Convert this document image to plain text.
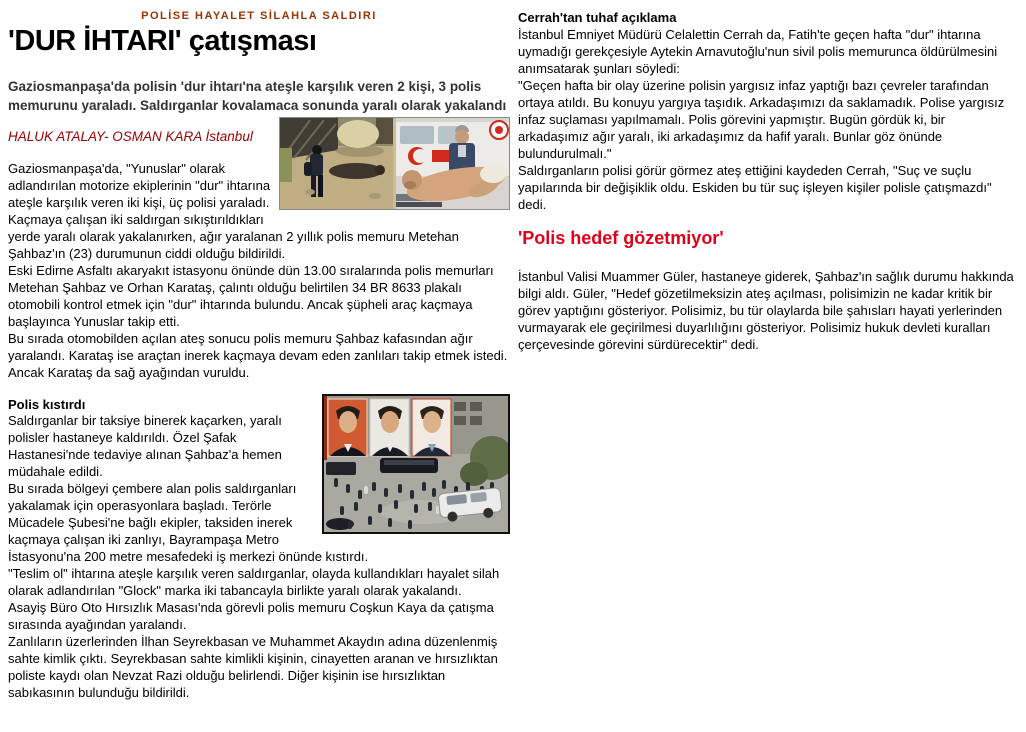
POLİSE HAYALET SİLAHLA SALDIRI
'DUR İHTARI' çatışması
Gaziosmanpaşa'da polisin 'dur ihtarı'na ateşle karşılık veren 2 kişi, 3 polis memurunu yaraladı. Saldırganlar kovalamaca sonunda yaralı olarak yakalandı
HALUK ATALAY- OSMAN KARA İstanbul
Gaziosmanpaşa'da, "Yunuslar" olarak adlandırılan motorize ekiplerinin "dur" ihtarına ateşle karşılık veren iki kişi, üç polisi yaraladı.
Kaçmaya çalışan iki saldırgan sıkıştırıldıkları yerde yaralı olarak yakalanırken, ağır yaralanan 2 yıllık polis memuru Metehan Şahbaz'ın (23) durumunun ciddi olduğu bildirildi.
Eski Edirne Asfaltı akaryakıt istasyonu önünde dün 13.00 sıralarında polis memurları Metehan Şahbaz ve Orhan Karataş, çalıntı olduğu belirtilen 34 BR 8633 plakalı otomobili kontrol etmek için "dur" ihtarında bulundu. Ancak şüpheli araç kaçmaya başlayınca Yunuslar takip etti.
Bu sırada otomobilden açılan ateş sonucu polis memuru Şahbaz kafasından ağır yaralandı. Karataş ise araçtan inerek kaçmaya devam eden zanlıları takip etmek istedi. Ancak Karataş da sağ ayağından vuruldu.
Polis kıstırdı
Saldırganlar bir taksiye binerek kaçarken, yaralı polisler hastaneye kaldırıldı. Özel Şafak Hastanesi'nde tedaviye alınan Şahbaz'a hemen müdahale edildi.
Bu sırada bölgeyi çembere alan polis saldırganları yakalamak için operasyonlara başladı. Terörle Mücadele Şubesi'ne bağlı ekipler, taksiden inerek kaçmaya çalışan iki zanlıyı, Bayrampaşa Metro İstasyonu'na 200 metre mesafedeki iş merkezi önünde kıstırdı.
"Teslim ol" ihtarına ateşle karşılık veren saldırganlar, olayda kullandıkları hayalet silah olarak adlandırılan "Glock" marka iki tabancayla birlikte yaralı olarak yakalandı.
Asayiş Büro Oto Hırsızlık Masası'nda görevli polis memuru Coşkun Kaya da çatışma sırasında ayağından yaralandı.
Zanlıların üzerlerinden İlhan Seyrekbasan ve Muhammet Akaydın adına düzenlenmiş sahte kimlik çıktı. Seyrekbasan sahte kimlikli kişinin, cinayetten aranan ve hırsızlıktan poliste kaydı olan Nevzat Razi olduğu belirlendi. Diğer kişinin ise hırsızlıktan sabıkasının bulunduğu bildirildi.
Cerrah'tan tuhaf açıklama
İstanbul Emniyet Müdürü Celalettin Cerrah da, Fatih'te geçen hafta "dur" ihtarına uymadığı gerekçesiyle Aytekin Arnavutoğlu'nun sivil polis memurunca öldürülmesini anımsatarak şunları söyledi:
"Geçen hafta bir olay üzerine polisin yargısız infaz yaptığı bazı çevreler tarafından ortaya atıldı. Bu konuyu yargıya taşıdık. Arkadaşımızı da saklamadık. Polise yargısız infaz suçlaması yapılmamalı. Polis görevini yapmıştır. Bugün gördük ki, bir arkadaşımız ağır yaralı, iki arkadaşımız da hafif yaralı. Bunlar göz önünde bulundurulmalı."
Saldırganların polisi görür görmez ateş ettiğini kaydeden Cerrah, "Suç ve suçlu yapılarında bir değişiklik oldu. Eskiden bu tür suç işleyen kişiler polisle çatışmazdı" dedi.
'Polis hedef gözetmiyor'
İstanbul Valisi Muammer Güler, hastaneye giderek, Şahbaz'ın sağlık durumu hakkında bilgi aldı. Güler, "Hedef gözetilmeksizin ateş açılması, polisimizin ne kadar kritik bir görev yaptığını gösteriyor. Polisimiz, bu tür olaylarda bile şahısları hayati yerlerinden vurmayarak ele geçirilmesi duyarlılığını gösteriyor. Polisimiz hukuk devleti kuralları çerçevesinde görevini sürdürecektir" dedi.
